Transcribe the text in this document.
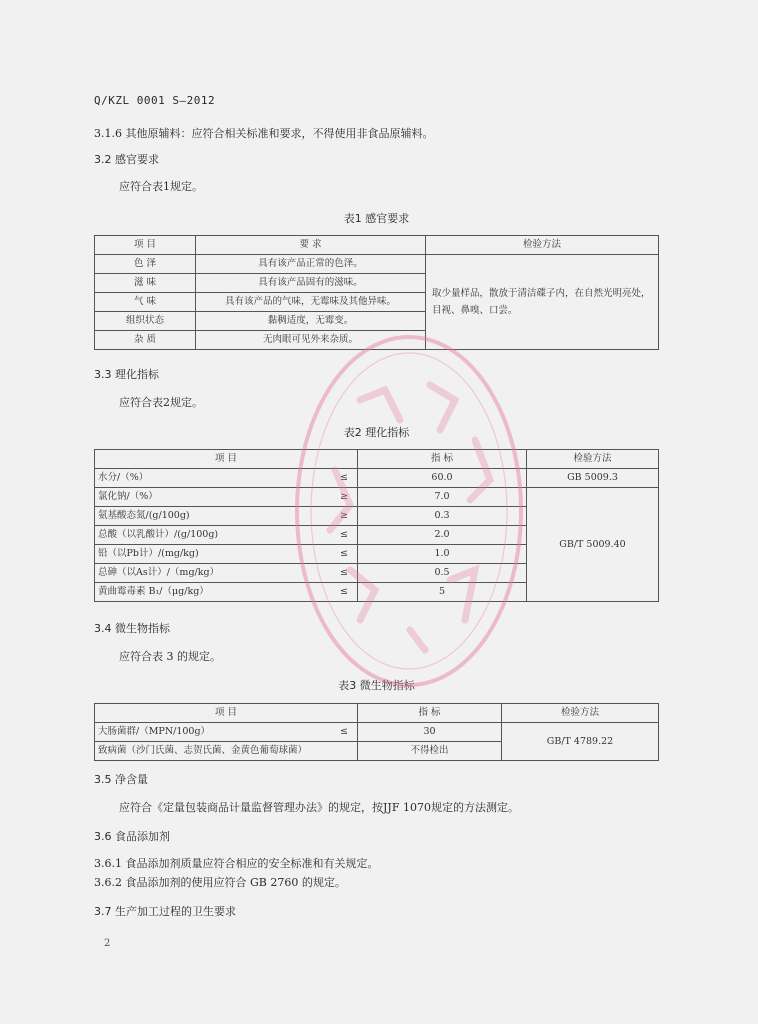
Q/KZL 0001 S—2012
3.1.6 其他原辅料：应符合相关标准和要求，不得使用非食品原辅料。
3.2 感官要求
应符合表1规定。
表1 感官要求
项 目	要 求	检验方法
色 泽	具有该产品正常的色泽。	取少量样品，散放于清洁碟子内，在自然光明亮处，目视、鼻嗅、口尝。
滋 味	具有该产品固有的滋味。	
气 味	具有该产品的气味，无霉味及其他异味。	
组织状态	黏稠适度，无霉变。	
杂 质	无肉眼可见外来杂质。	
3.3 理化指标
应符合表2规定。
表2 理化指标
项 目	指 标	检验方法
水分/（%） ≤	60.0	GB 5009.3
氯化钠/（%） ≥	7.0	GB/T 5009.40
氨基酸态氮/(g/100g) ≥	0.3	
总酸（以乳酸计）/(g/100g) ≤	2.0	
铅（以Pb计）/(mg/kg) ≤	1.0	
总砷（以As计）/（mg/kg） ≤	0.5	
黄曲霉毒素 B₁/（μg/kg） ≤	5	
3.4 微生物指标
应符合表 3 的规定。
表3 微生物指标
项 目	指 标	检验方法
大肠菌群/（MPN/100g） ≤	30	GB/T 4789.22
致病菌（沙门氏菌、志贺氏菌、金黄色葡萄球菌）	不得检出	
3.5 净含量
应符合《定量包装商品计量监督管理办法》的规定，按JJF 1070规定的方法测定。
3.6 食品添加剂
3.6.1 食品添加剂质量应符合相应的安全标准和有关规定。
3.6.2 食品添加剂的使用应符合 GB 2760 的规定。
3.7 生产加工过程的卫生要求
2
